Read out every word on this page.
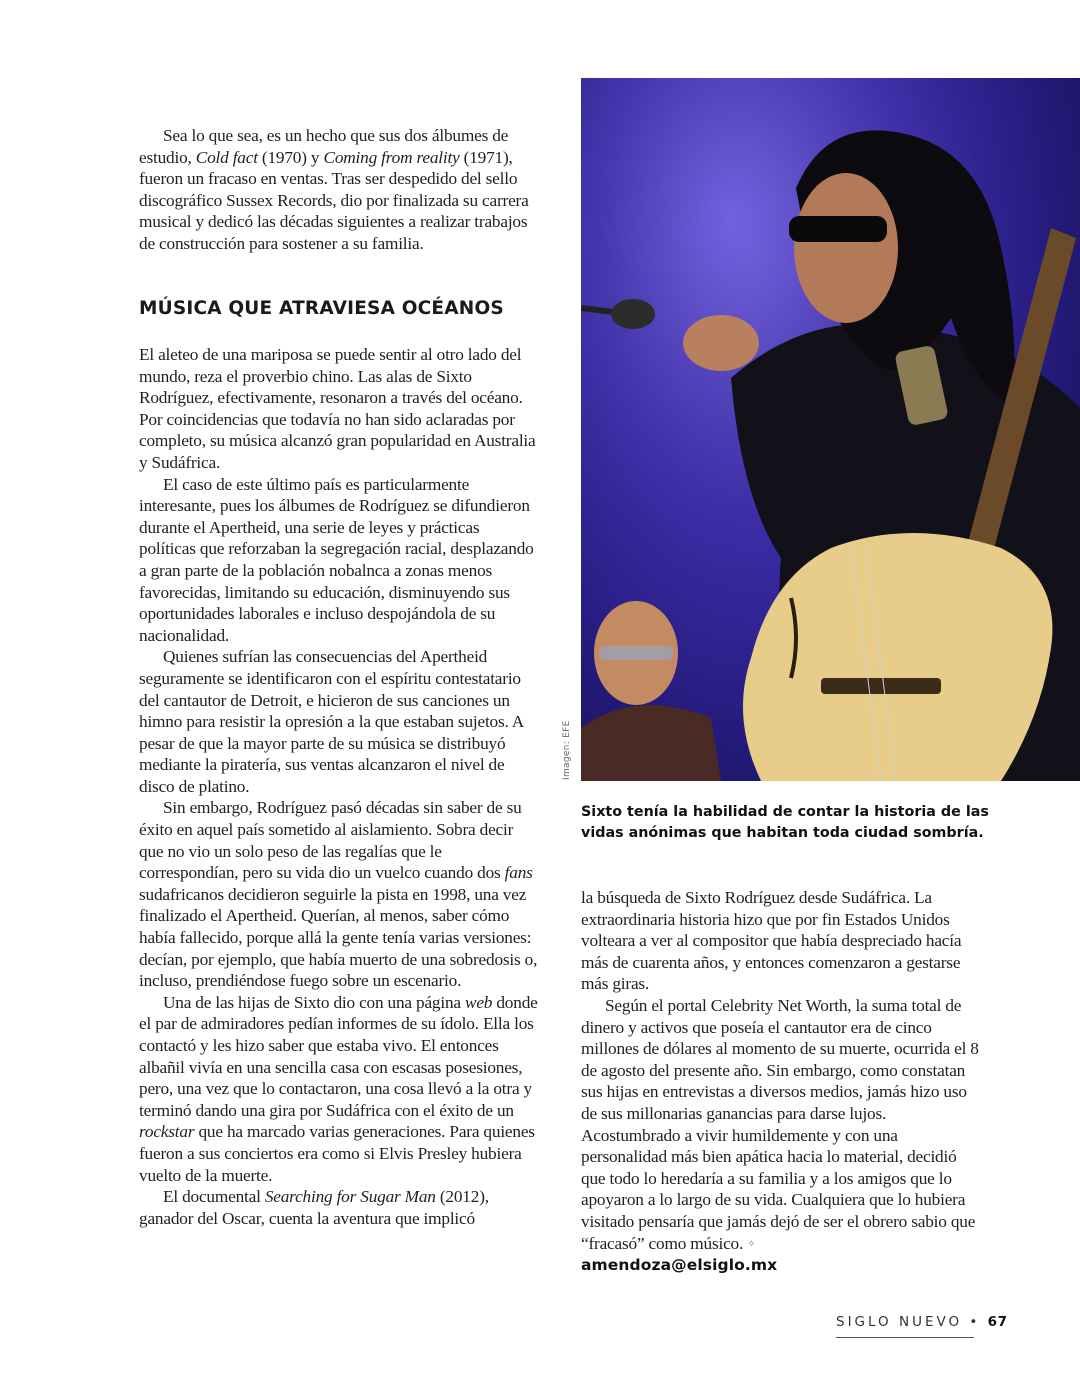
Sea lo que sea, es un hecho que sus dos álbumes de estudio, Cold fact (1970) y Coming from reality (1971), fueron un fracaso en ventas. Tras ser despedido del sello discográfico Sussex Records, dio por finalizada su carrera musical y dedicó las décadas siguientes a realizar trabajos de construcción para sostener a su familia.

MÚSICA QUE ATRAVIESA OCÉANOS

El aleteo de una mariposa se puede sentir al otro lado del mundo, reza el proverbio chino. Las alas de Sixto Rodríguez, efectivamente, resonaron a través del océano. Por coincidencias que todavía no han sido aclaradas por completo, su música alcanzó gran popularidad en Australia y Sudáfrica.

El caso de este último país es particularmente interesante, pues los álbumes de Rodríguez se difundieron durante el Apertheid, una serie de leyes y prácticas políticas que reforzaban la segregación racial, desplazando a gran parte de la población nobalnca a zonas menos favorecidas, limitando su educación, disminuyendo sus oportunidades laborales e incluso despojándola de su nacionalidad.

Quienes sufrían las consecuencias del Apertheid seguramente se identificaron con el espíritu contestatario del cantautor de Detroit, e hicieron de sus canciones un himno para resistir la opresión a la que estaban sujetos. A pesar de que la mayor parte de su música se distribuyó mediante la piratería, sus ventas alcanzaron el nivel de disco de platino.

Sin embargo, Rodríguez pasó décadas sin saber de su éxito en aquel país sometido al aislamiento. Sobra decir que no vio un solo peso de las regalías que le correspondían, pero su vida dio un vuelco cuando dos fans sudafricanos decidieron seguirle la pista en 1998, una vez finalizado el Apertheid. Querían, al menos, saber cómo había fallecido, porque allá la gente tenía varias versiones: decían, por ejemplo, que había muerto de una sobredosis o, incluso, prendiéndose fuego sobre un escenario.

Una de las hijas de Sixto dio con una página web donde el par de admiradores pedían informes de su ídolo. Ella los contactó y les hizo saber que estaba vivo. El entonces albañil vivía en una sencilla casa con escasas posesiones, pero, una vez que lo contactaron, una cosa llevó a la otra y terminó dando una gira por Sudáfrica con el éxito de un rockstar que ha marcado varias generaciones. Para quienes fueron a sus conciertos era como si Elvis Presley hubiera vuelto de la muerte.

El documental Searching for Sugar Man (2012), ganador del Oscar, cuenta la aventura que implicó

Imagen: EFE
Sixto tenía la habilidad de contar la historia de las vidas anónimas que habitan toda ciudad sombría.

la búsqueda de Sixto Rodríguez desde Sudáfrica. La extraordinaria historia hizo que por fin Estados Unidos volteara a ver al compositor que había despreciado hacía más de cuarenta años, y entonces comenzaron a gestarse más giras.

Según el portal Celebrity Net Worth, la suma total de dinero y activos que poseía el cantautor era de cinco millones de dólares al momento de su muerte, ocurrida el 8 de agosto del presente año. Sin embargo, como constatan sus hijas en entrevistas a diversos medios, jamás hizo uso de sus millonarias ganancias para darse lujos. Acostumbrado a vivir humildemente y con una personalidad más bien apática hacia lo material, decidió que todo lo heredaría a su familia y a los amigos que lo apoyaron a lo largo de su vida. Cualquiera que lo hubiera visitado pensaría que jamás dejó de ser el obrero sabio que “fracasó” como músico. ✧

amendoza@elsiglo.mx
SIGLO NUEVO • 67
